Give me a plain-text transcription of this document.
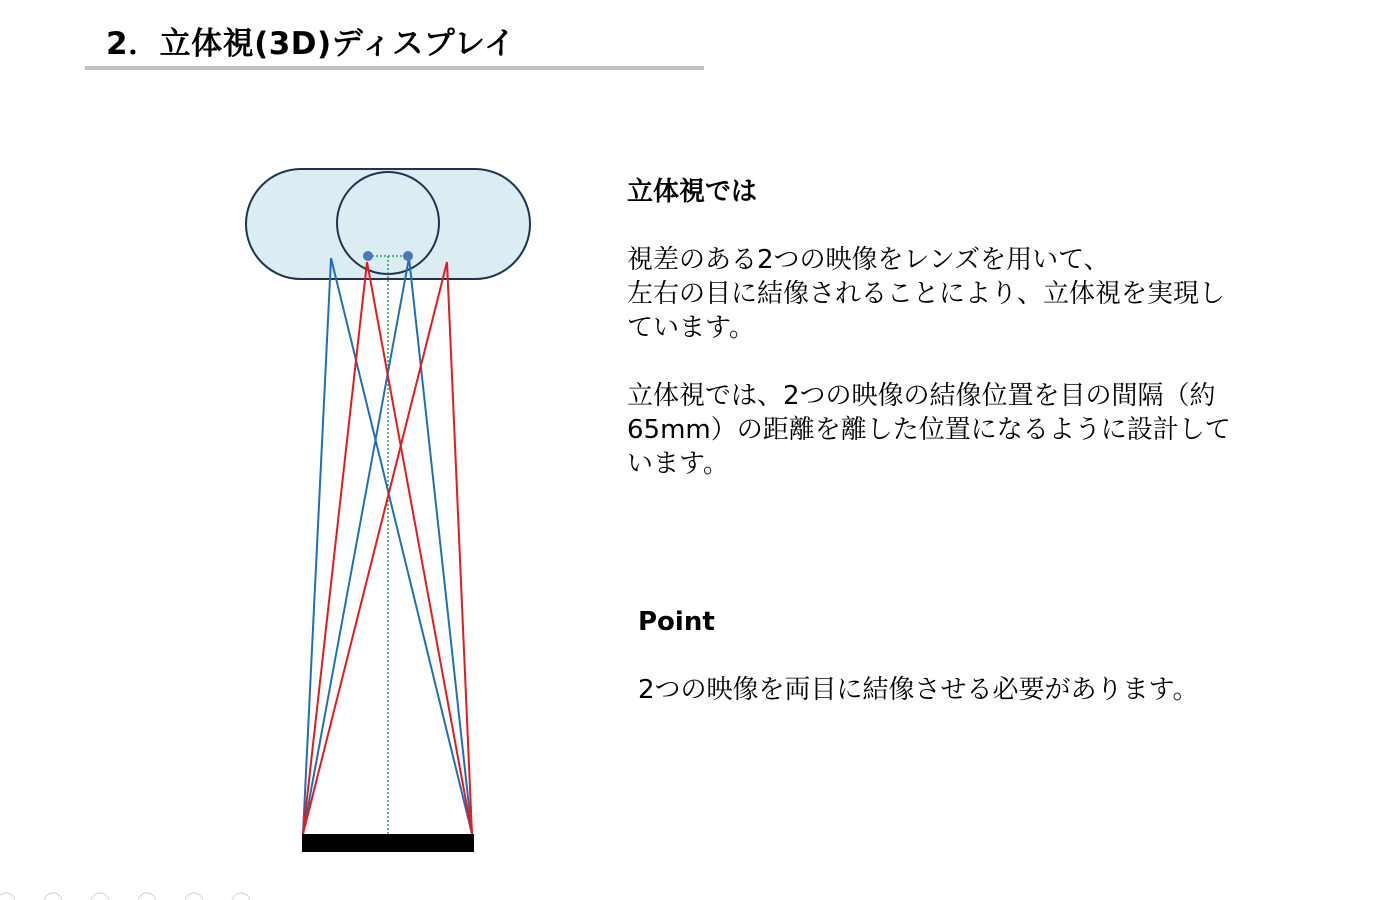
2．立体視(3D)ディスプレイ

立体視では

視差のある2つの映像をレンズを用いて、

左右の目に結像されることにより、立体視を実現し

ています。

立体視では、2つの映像の結像位置を目の間隔（約

65mm）の距離を離した位置になるように設計して

います。

Point

2つの映像を両目に結像させる必要があります。
